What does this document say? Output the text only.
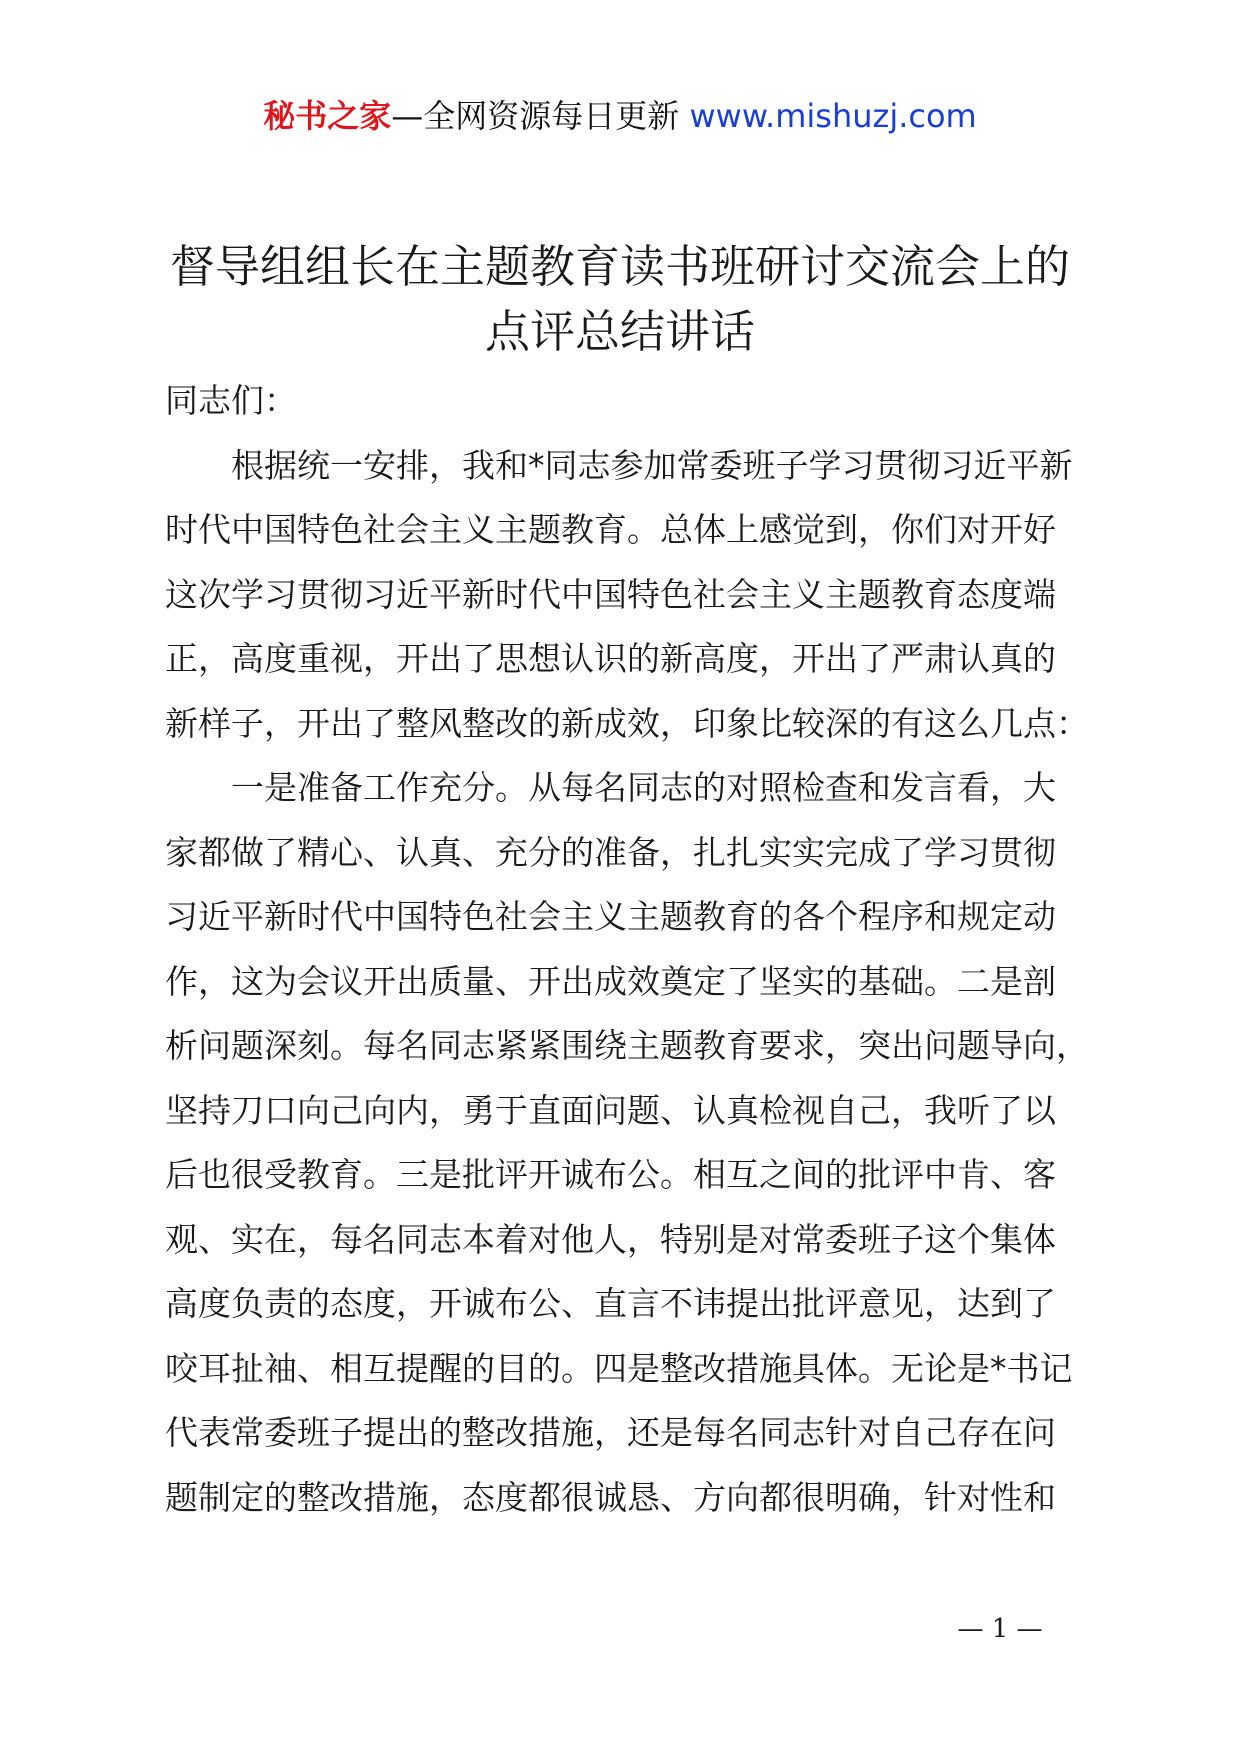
秘书之家—全网资源每日更新 www.mishuzj.com
督导组组长在主题教育读书班研讨交流会上的
点评总结讲话
同志们：
根据统一安排，我和*同志参加常委班子学习贯彻习近平新
时代中国特色社会主义主题教育。总体上感觉到，你们对开好
这次学习贯彻习近平新时代中国特色社会主义主题教育态度端
正，高度重视，开出了思想认识的新高度，开出了严肃认真的
新样子，开出了整风整改的新成效，印象比较深的有这么几点：
一是准备工作充分。从每名同志的对照检查和发言看，大
家都做了精心、认真、充分的准备，扎扎实实完成了学习贯彻
习近平新时代中国特色社会主义主题教育的各个程序和规定动
作，这为会议开出质量、开出成效奠定了坚实的基础。二是剖
析问题深刻。每名同志紧紧围绕主题教育要求，突出问题导向，
坚持刀口向己向内，勇于直面问题、认真检视自己，我听了以
后也很受教育。三是批评开诚布公。相互之间的批评中肯、客
观、实在，每名同志本着对他人，特别是对常委班子这个集体
高度负责的态度，开诚布公、直言不讳提出批评意见，达到了
咬耳扯袖、相互提醒的目的。四是整改措施具体。无论是*书记
代表常委班子提出的整改措施，还是每名同志针对自己存在问
题制定的整改措施，态度都很诚恳、方向都很明确，针对性和
— 1 —
